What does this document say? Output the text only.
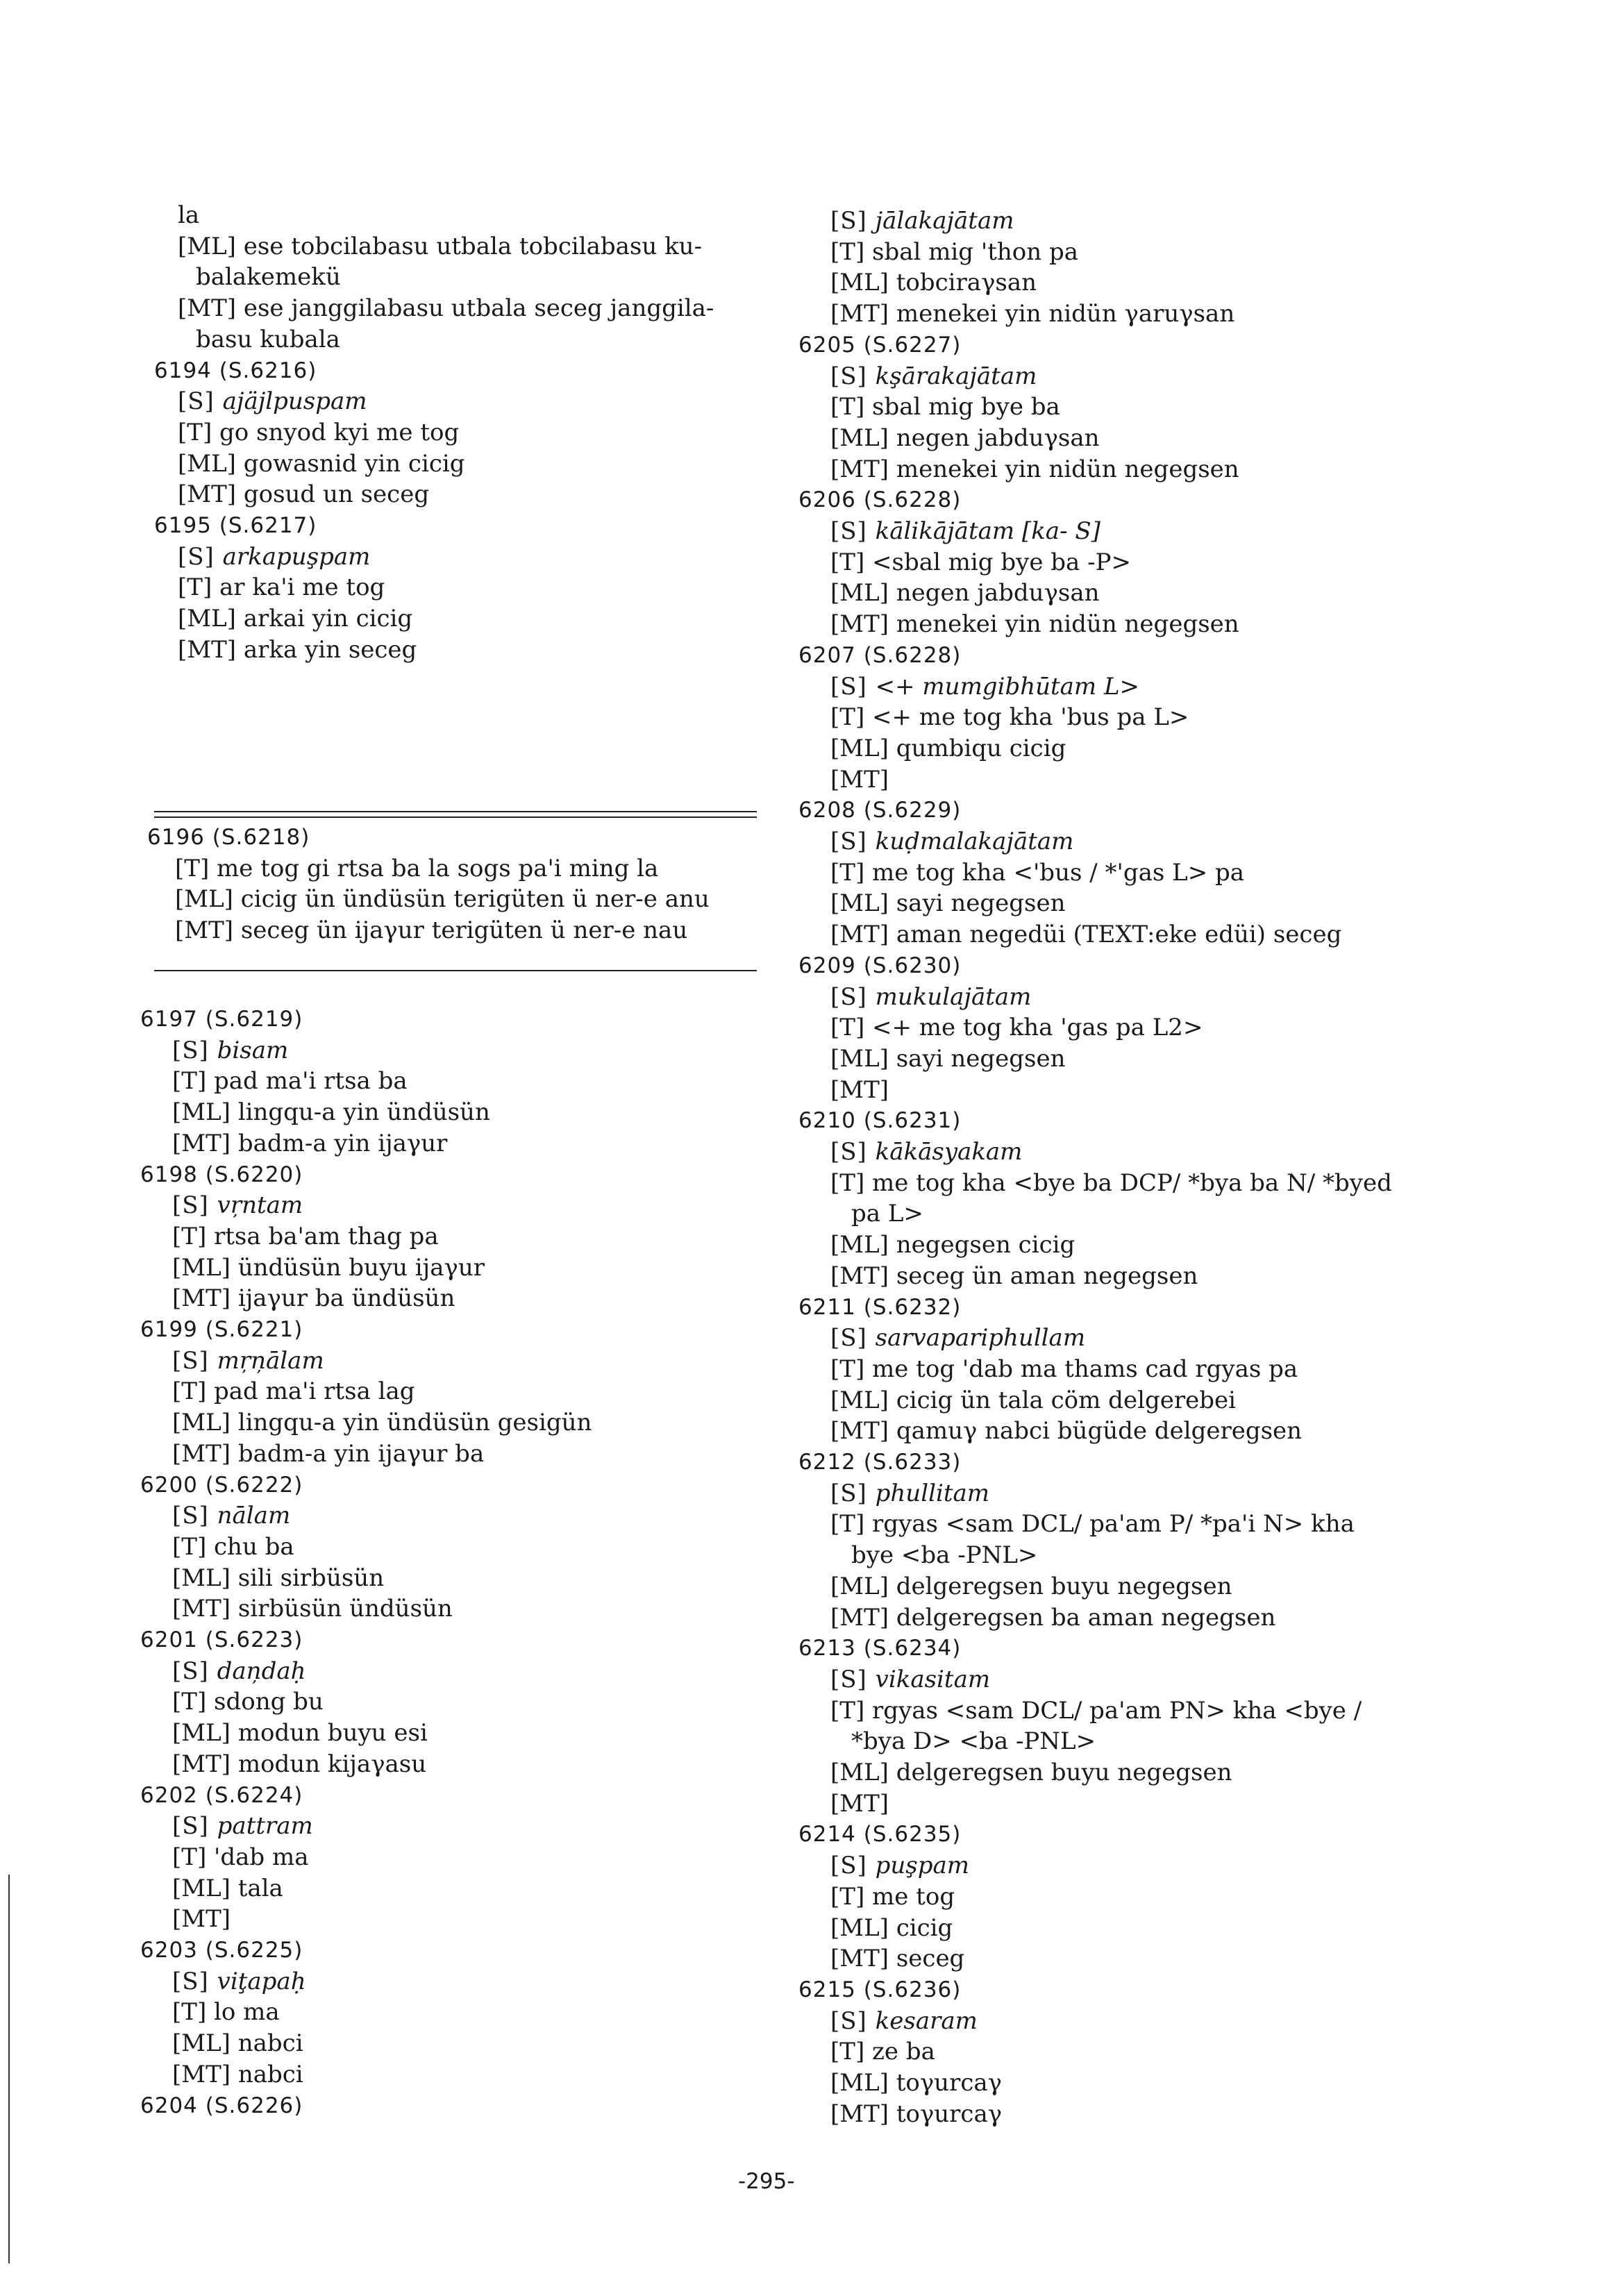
la
[ML] ese tobcilabasu utbala tobcilabasu ku-
balakemekü
[MT] ese janggilabasu utbala seceg janggila-
basu kubala
6194 (S.6216)
[S] ajäjlpuspam
[T] go snyod kyi me tog
[ML] gowasnid yin cicig
[MT] gosud un seceg
6195 (S.6217)
[S] arkapuşpam
[T] ar ka'i me tog
[ML] arkai yin cicig
[MT] arka yin seceg
6196 (S.6218)
[T] me tog gi rtsa ba la sogs pa'i ming la
[ML] cicig ün ündüsün terigüten ü ner-e anu
[MT] seceg ün ijaγur terigüten ü ner-e nau
6197 (S.6219)
[S] bisam
[T] pad ma'i rtsa ba
[ML] lingqu-a yin ündüsün
[MT] badm-a yin ijaγur
6198 (S.6220)
[S] vŗntam
[T] rtsa ba'am thag pa
[ML] ündüsün buyu ijaγur
[MT] ijaγur ba ündüsün
6199 (S.6221)
[S] mŗņālam
[T] pad ma'i rtsa lag
[ML] lingqu-a yin ündüsün gesigün
[MT] badm-a yin ijaγur ba
6200 (S.6222)
[S] nālam
[T] chu ba
[ML] sili sirbüsün
[MT] sirbüsün ündüsün
6201 (S.6223)
[S] daņdaḥ
[T] sdong bu
[ML] modun buyu esi
[MT] modun kijaγasu
6202 (S.6224)
[S] pattram
[T] 'dab ma
[ML] tala
[MT]
6203 (S.6225)
[S] viţapaḥ
[T] lo ma
[ML] nabci
[MT] nabci
6204 (S.6226)
[S] jālakajātam
[T] sbal mig 'thon pa
[ML] tobciraγsan
[MT] menekei yin nidün γaruγsan
6205 (S.6227)
[S] kşārakajātam
[T] sbal mig bye ba
[ML] negen jabduγsan
[MT] menekei yin nidün negegsen
6206 (S.6228)
[S] kālikājātam [ka- S]
[T] <sbal mig bye ba -P>
[ML] negen jabduγsan
[MT] menekei yin nidün negegsen
6207 (S.6228)
[S] <+ mumgibhūtam L>
[T] <+ me tog kha 'bus pa L>
[ML] qumbiqu cicig
[MT]
6208 (S.6229)
[S] kuḍmalakajātam
[T] me tog kha <'bus / *'gas L> pa
[ML] sayi negegsen
[MT] aman negedüi (TEXT:eke edüi) seceg
6209 (S.6230)
[S] mukulajātam
[T] <+ me tog kha 'gas pa L2>
[ML] sayi negegsen
[MT]
6210 (S.6231)
[S] kākāsyakam
[T] me tog kha <bye ba DCP/ *bya ba N/ *byed
pa L>
[ML] negegsen cicig
[MT] seceg ün aman negegsen
6211 (S.6232)
[S] sarvapariphullam
[T] me tog 'dab ma thams cad rgyas pa
[ML] cicig ün tala cöm delgerebei
[MT] qamuγ nabci bügüde delgeregsen
6212 (S.6233)
[S] phullitam
[T] rgyas <sam DCL/ pa'am P/ *pa'i N> kha
bye <ba -PNL>
[ML] delgeregsen buyu negegsen
[MT] delgeregsen ba aman negegsen
6213 (S.6234)
[S] vikasitam
[T] rgyas <sam DCL/ pa'am PN> kha <bye /
*bya D> <ba -PNL>
[ML] delgeregsen buyu negegsen
[MT]
6214 (S.6235)
[S] puşpam
[T] me tog
[ML] cicig
[MT] seceg
6215 (S.6236)
[S] kesaram
[T] ze ba
[ML] toγurcaγ
[MT] toγurcaγ
-295-
